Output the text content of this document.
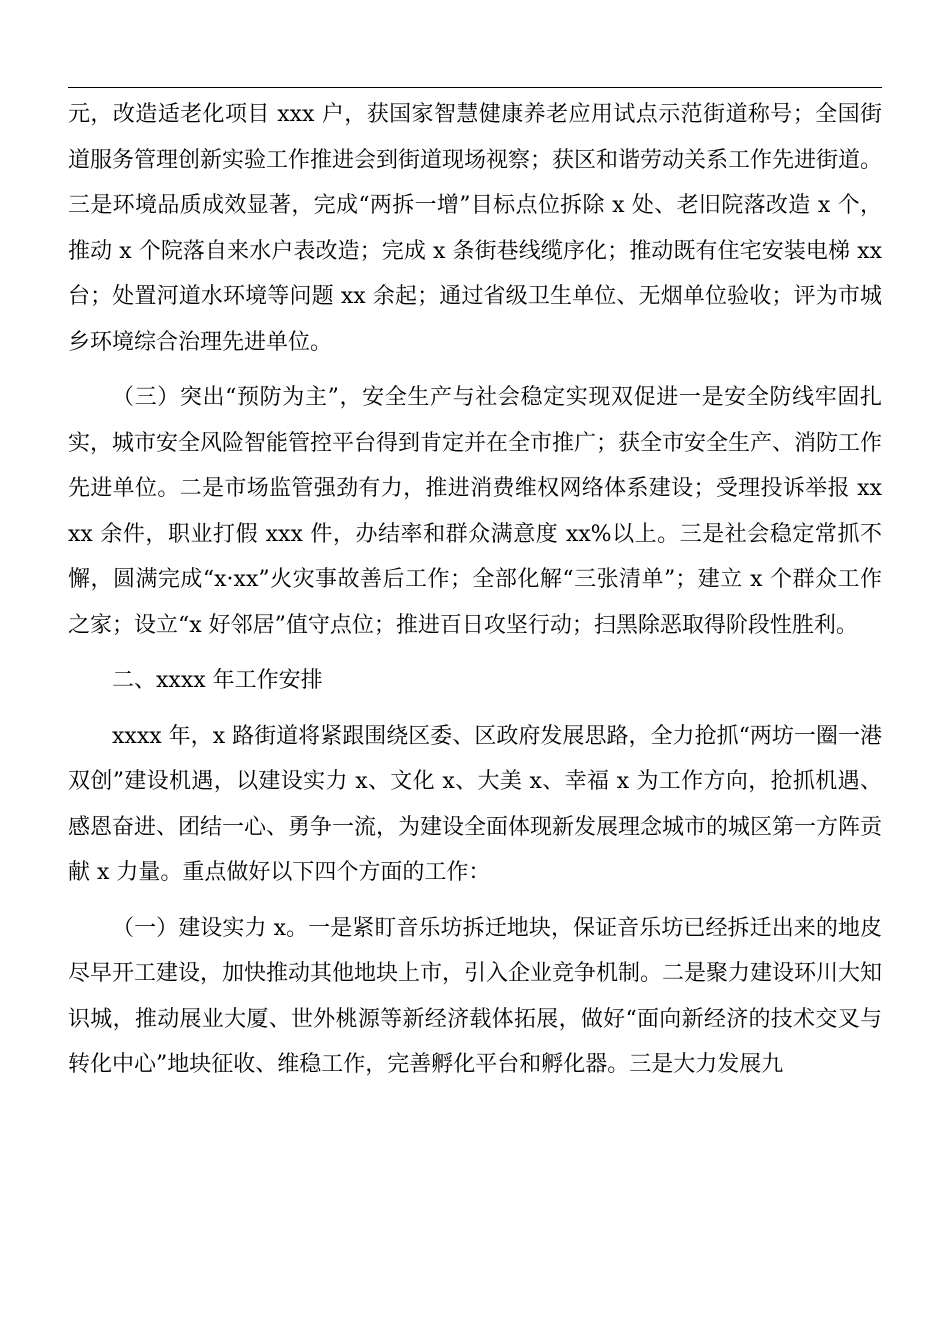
元，改造适老化项目 xxx 户，获国家智慧健康养老应用试点示范街道称号；全国街道服务管理创新实验工作推进会到街道现场视察；获区和谐劳动关系工作先进街道。三是环境品质成效显著，完成“两拆一增”目标点位拆除 x 处、老旧院落改造 x 个，推动 x 个院落自来水户表改造；完成 x 条街巷线缆序化；推动既有住宅安装电梯 xx 台；处置河道水环境等问题 xx 余起；通过省级卫生单位、无烟单位验收；评为市城乡环境综合治理先进单位。

（三）突出“预防为主”，安全生产与社会稳定实现双促进一是安全防线牢固扎实，城市安全风险智能管控平台得到肯定并在全市推广；获全市安全生产、消防工作先进单位。二是市场监管强劲有力，推进消费维权网络体系建设；受理投诉举报 xxxx 余件，职业打假 xxx 件，办结率和群众满意度 xx%以上。三是社会稳定常抓不懈，圆满完成“x·xx”火灾事故善后工作；全部化解“三张清单”；建立 x 个群众工作之家；设立“x 好邻居”值守点位；推进百日攻坚行动；扫黑除恶取得阶段性胜利。

二、xxxx 年工作安排

xxxx 年，x 路街道将紧跟围绕区委、区政府发展思路，全力抢抓“两坊一圈一港双创”建设机遇，以建设实力 x、文化 x、大美 x、幸福 x 为工作方向，抢抓机遇、感恩奋进、团结一心、勇争一流，为建设全面体现新发展理念城市的城区第一方阵贡献 x 力量。重点做好以下四个方面的工作：

（一）建设实力 x。一是紧盯音乐坊拆迁地块，保证音乐坊已经拆迁出来的地皮尽早开工建设，加快推动其他地块上市，引入企业竞争机制。二是聚力建设环川大知识城，推动展业大厦、世外桃源等新经济载体拓展，做好“面向新经济的技术交叉与转化中心”地块征收、维稳工作，完善孵化平台和孵化器。三是大力发展九
